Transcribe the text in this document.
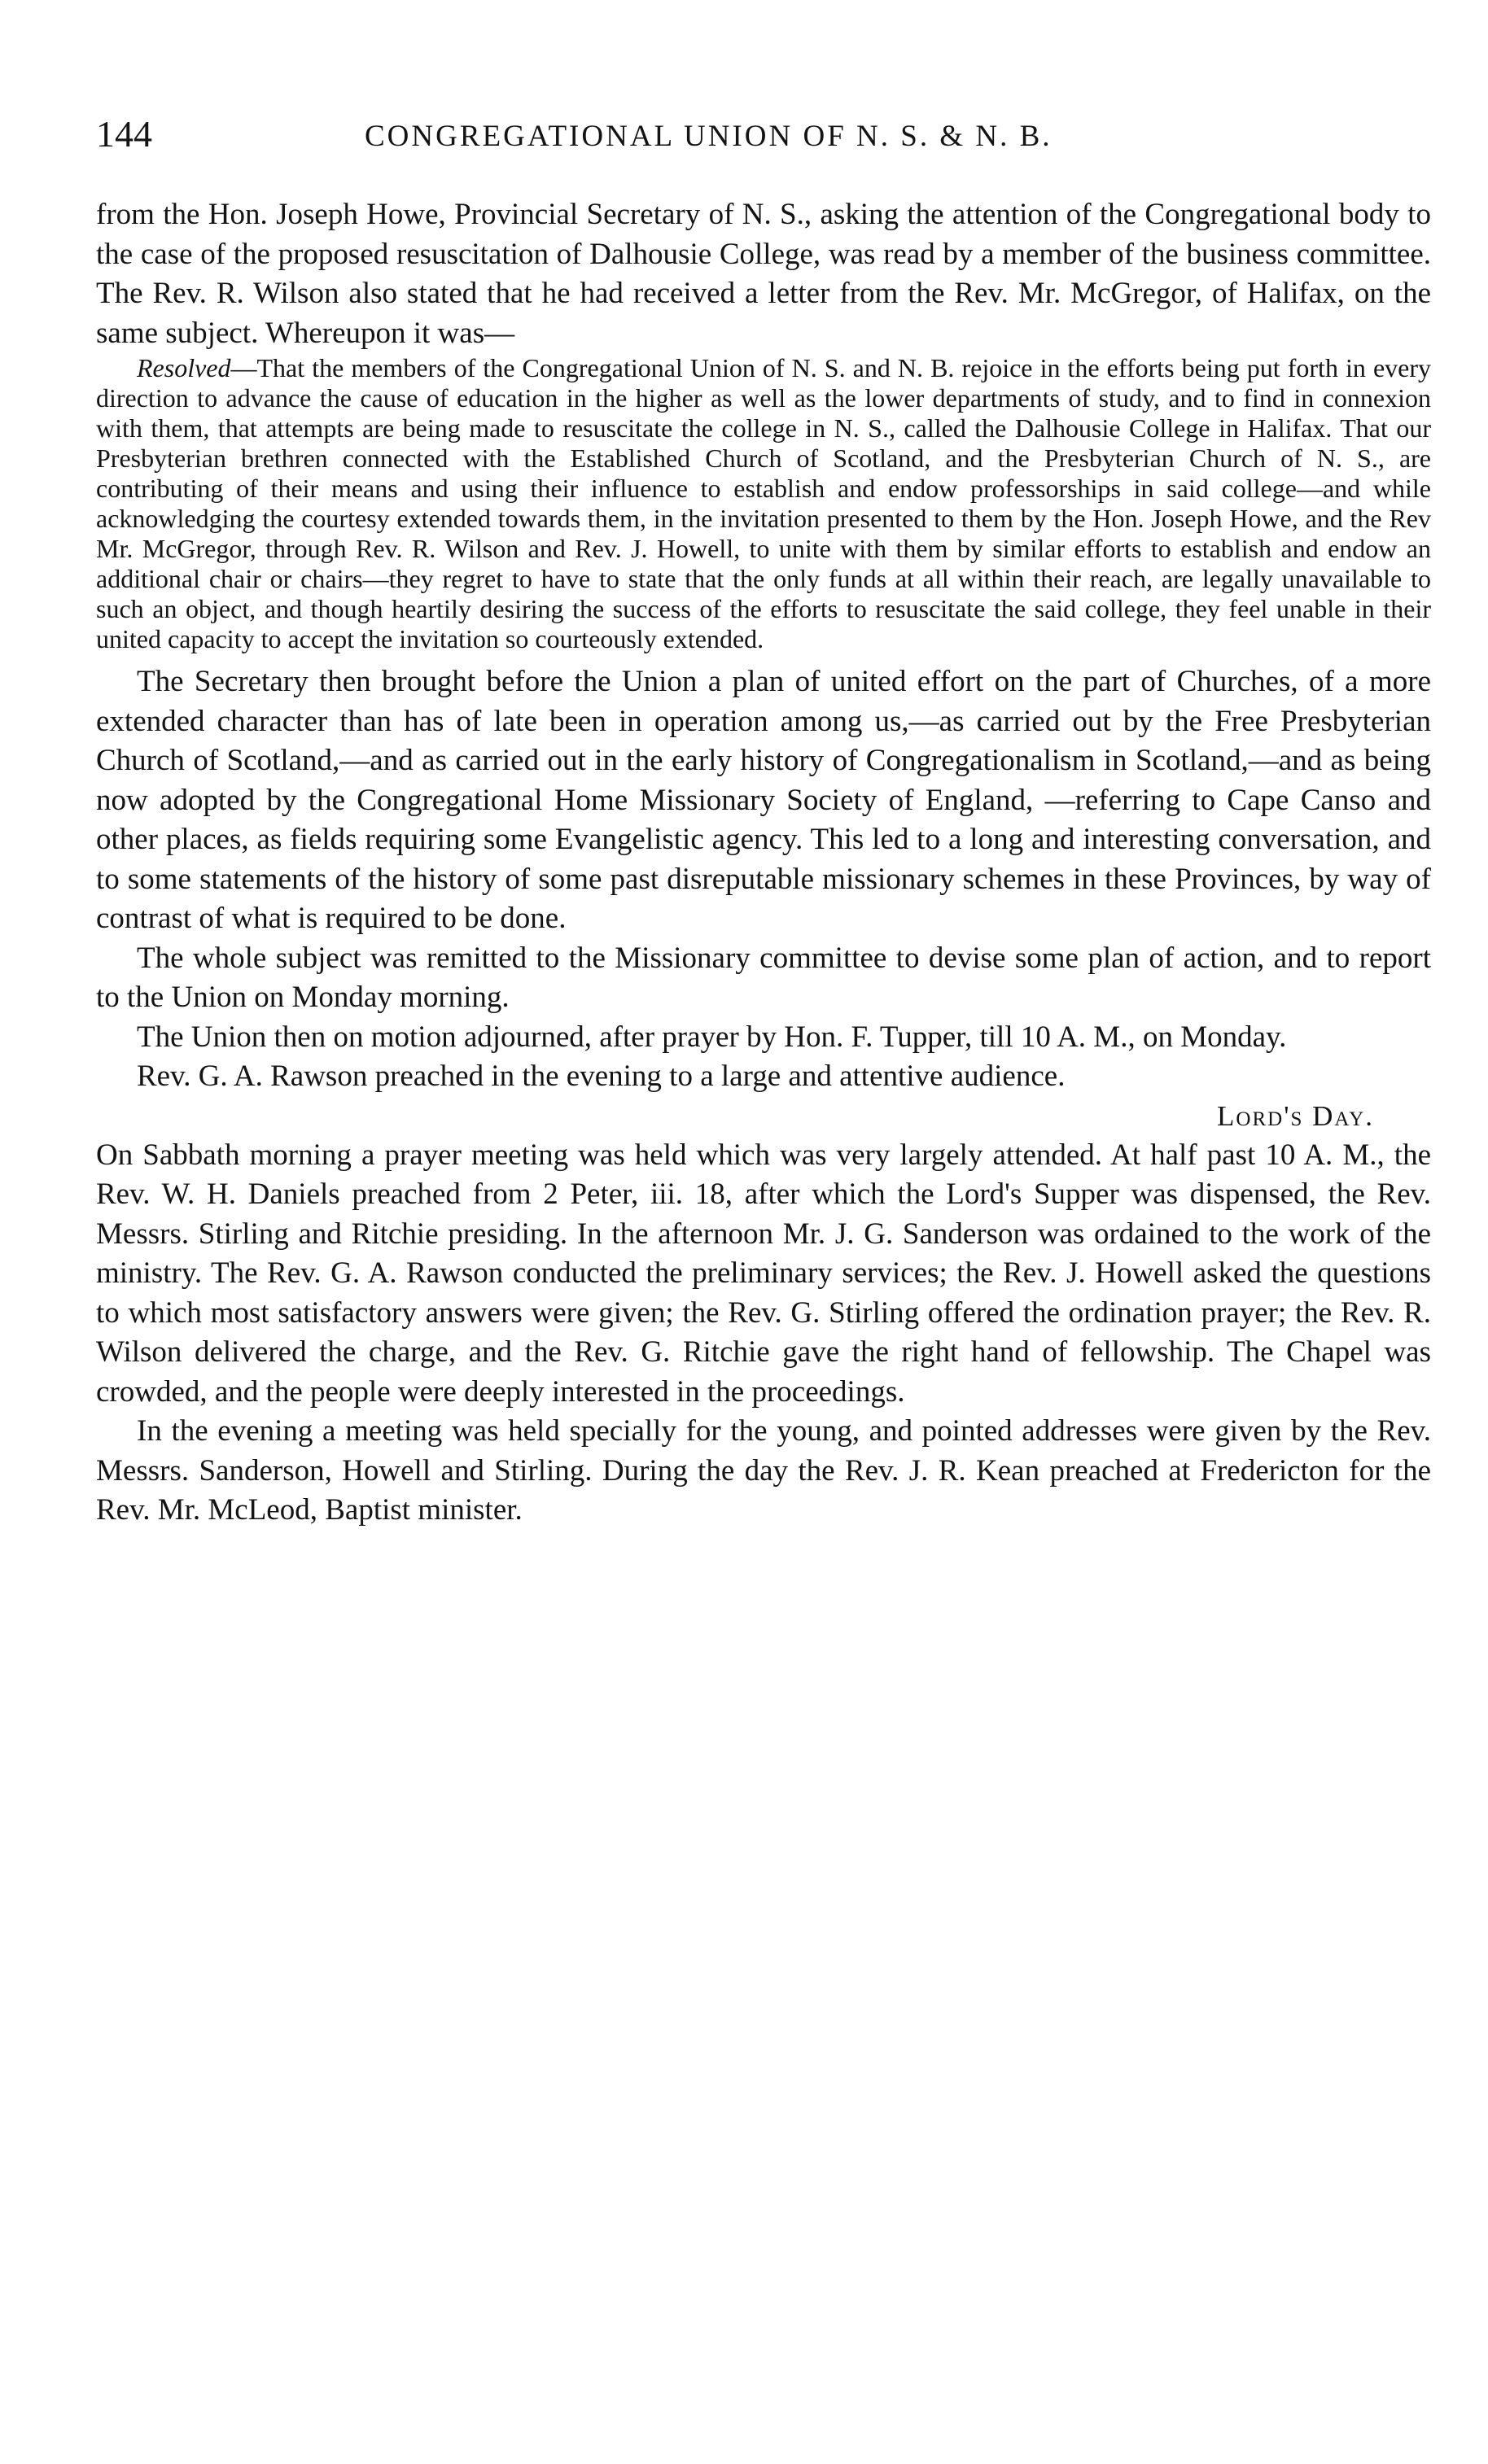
144	CONGREGATIONAL UNION OF N. S. & N. B.

from the Hon. Joseph Howe, Provincial Secretary of N. S., asking the attention of the Congregational body to the case of the proposed resuscitation of Dalhousie College, was read by a member of the business committee. The Rev. R. Wilson also stated that he had received a letter from the Rev. Mr. McGregor, of Halifax, on the same subject. Whereupon it was—

Resolved—That the members of the Congregational Union of N. S. and N. B. rejoice in the efforts being put forth in every direction to advance the cause of education in the higher as well as the lower departments of study, and to find in connexion with them, that attempts are being made to resuscitate the college in N. S., called the Dalhousie College in Halifax. That our Presbyterian brethren connected with the Established Church of Scotland, and the Presbyterian Church of N. S., are contributing of their means and using their influence to establish and endow professorships in said college—and while acknowledging the courtesy extended towards them, in the invitation presented to them by the Hon. Joseph Howe, and the Rev Mr. McGregor, through Rev. R. Wilson and Rev. J. Howell, to unite with them by similar efforts to establish and endow an additional chair or chairs—they regret to have to state that the only funds at all within their reach, are legally unavailable to such an object, and though heartily desiring the success of the efforts to resuscitate the said college, they feel unable in their united capacity to accept the invitation so courteously extended.

The Secretary then brought before the Union a plan of united effort on the part of Churches, of a more extended character than has of late been in operation among us,—as carried out by the Free Presbyterian Church of Scotland,—and as carried out in the early history of Congregationalism in Scotland,—and as being now adopted by the Congregational Home Missionary Society of England, —referring to Cape Canso and other places, as fields requiring some Evangelistic agency. This led to a long and interesting conversation, and to some statements of the history of some past disreputable missionary schemes in these Provinces, by way of contrast of what is required to be done.

The whole subject was remitted to the Missionary committee to devise some plan of action, and to report to the Union on Monday morning.

The Union then on motion adjourned, after prayer by Hon. F. Tupper, till 10 A. M., on Monday.

Rev. G. A. Rawson preached in the evening to a large and attentive audience.

Lord's Day.

On Sabbath morning a prayer meeting was held which was very largely attended. At half past 10 A. M., the Rev. W. H. Daniels preached from 2 Peter, iii. 18, after which the Lord's Supper was dispensed, the Rev. Messrs. Stirling and Ritchie presiding. In the afternoon Mr. J. G. Sanderson was ordained to the work of the ministry. The Rev. G. A. Rawson conducted the preliminary services; the Rev. J. Howell asked the questions to which most satisfactory answers were given; the Rev. G. Stirling offered the ordination prayer; the Rev. R. Wilson delivered the charge, and the Rev. G. Ritchie gave the right hand of fellowship. The Chapel was crowded, and the people were deeply interested in the proceedings.

In the evening a meeting was held specially for the young, and pointed addresses were given by the Rev. Messrs. Sanderson, Howell and Stirling. During the day the Rev. J. R. Kean preached at Fredericton for the Rev. Mr. McLeod, Baptist minister.
